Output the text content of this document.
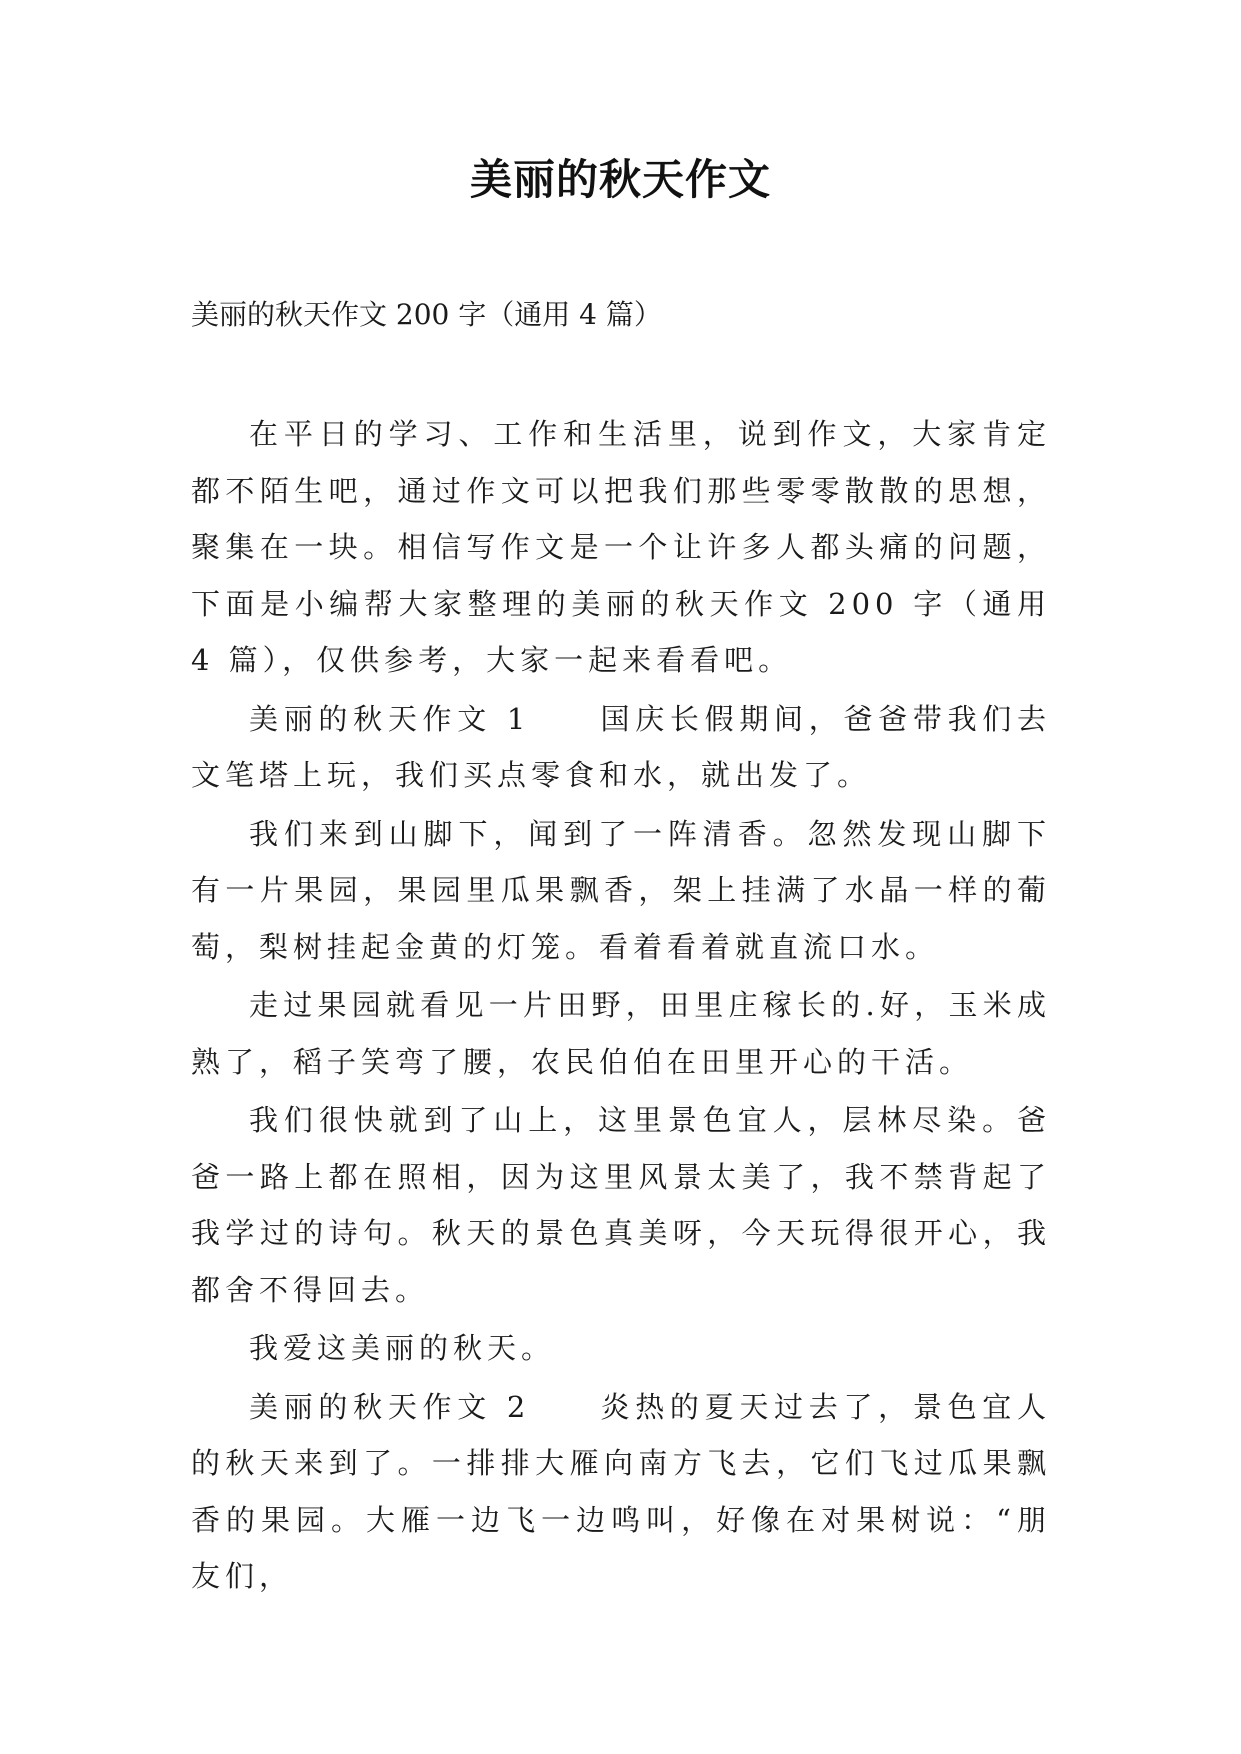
美丽的秋天作文

美丽的秋天作文 200 字（通用 4 篇）

在平日的学习、工作和生活里，说到作文，大家肯定都不陌生吧，通过作文可以把我们那些零零散散的思想，聚集在一块。相信写作文是一个让许多人都头痛的问题，下面是小编帮大家整理的美丽的秋天作文 200 字（通用 4 篇），仅供参考，大家一起来看看吧。

美丽的秋天作文 1　　国庆长假期间，爸爸带我们去文笔塔上玩，我们买点零食和水，就出发了。

我们来到山脚下，闻到了一阵清香。忽然发现山脚下有一片果园，果园里瓜果飘香，架上挂满了水晶一样的葡萄，梨树挂起金黄的灯笼。看着看着就直流口水。

走过果园就看见一片田野，田里庄稼长的.好，玉米成熟了，稻子笑弯了腰，农民伯伯在田里开心的干活。

我们很快就到了山上，这里景色宜人，层林尽染。爸爸一路上都在照相，因为这里风景太美了，我不禁背起了我学过的诗句。秋天的景色真美呀，今天玩得很开心，我都舍不得回去。

我爱这美丽的秋天。

美丽的秋天作文 2　　炎热的夏天过去了，景色宜人的秋天来到了。一排排大雁向南方飞去，它们飞过瓜果飘香的果园。大雁一边飞一边鸣叫，好像在对果树说：“朋友们，
